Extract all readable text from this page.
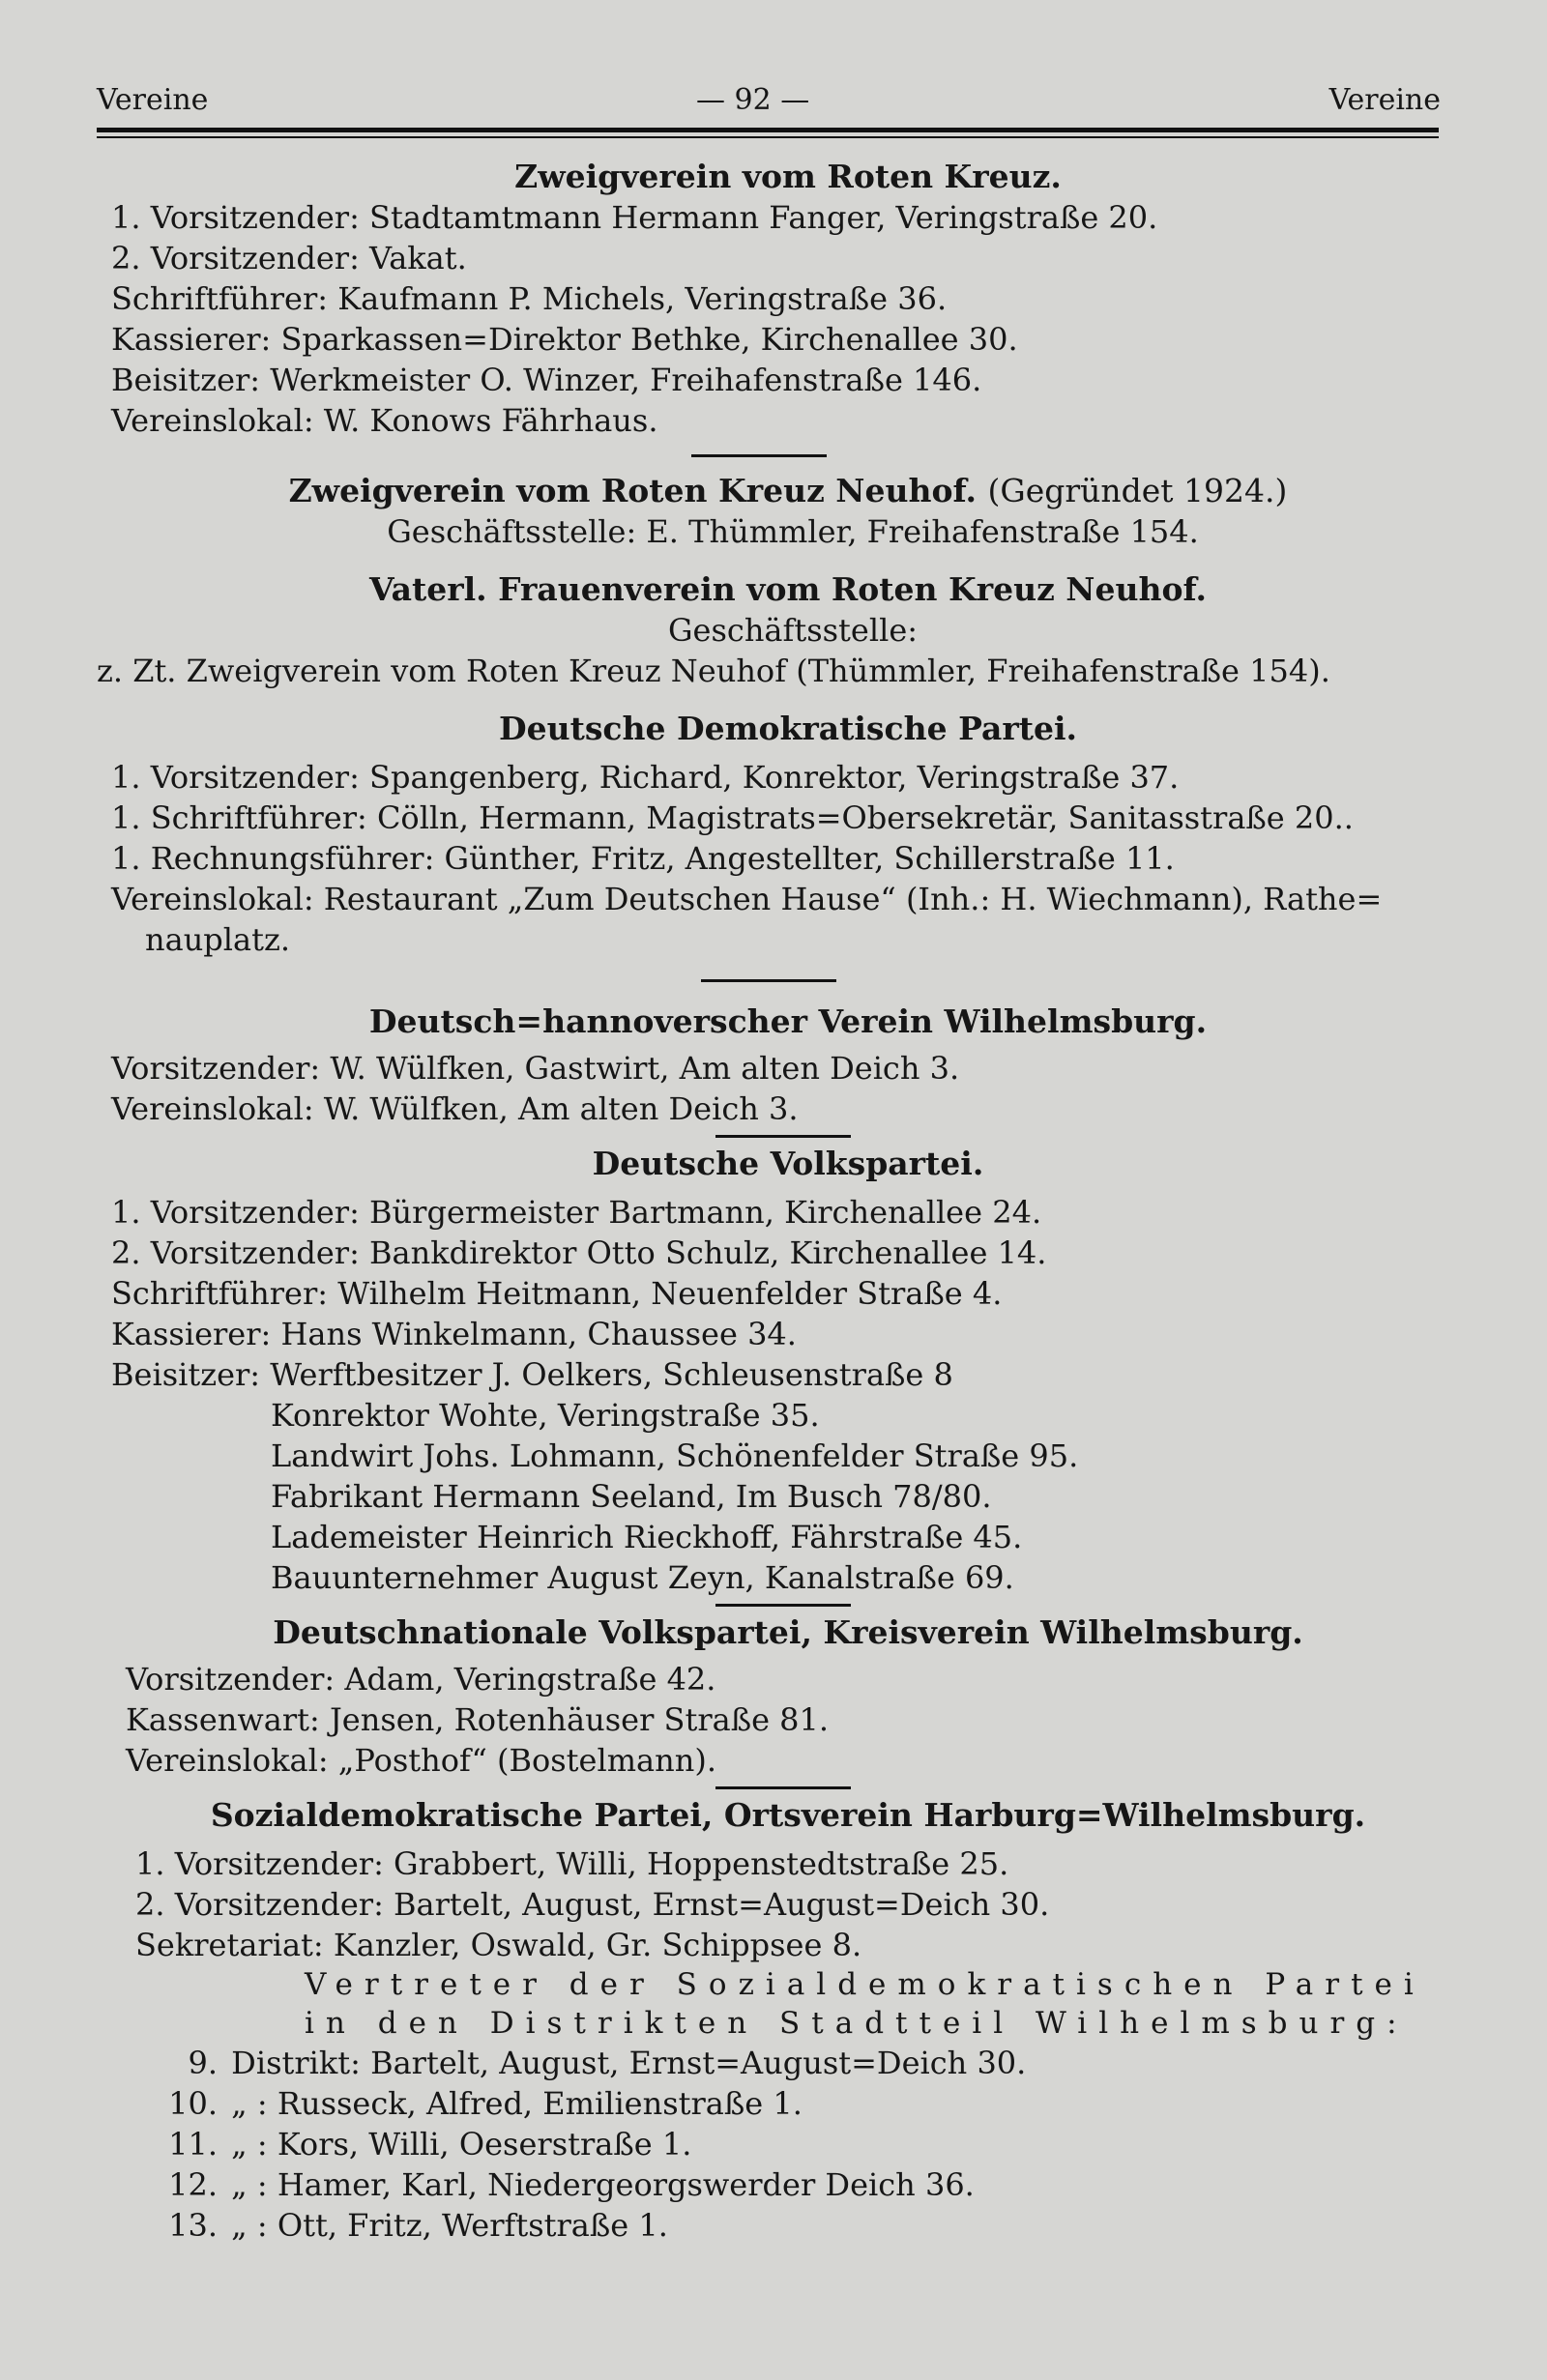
Vereine	— 92 —	Vereine
Zweigverein vom Roten Kreuz.
1. Vorsitzender: Stadtamtmann Hermann Fanger, Veringstraße 20.
2. Vorsitzender: Vakat.
Schriftführer: Kaufmann P. Michels, Veringstraße 36.
Kassierer: Sparkassen=Direktor Bethke, Kirchenallee 30.
Beisitzer: Werkmeister O. Winzer, Freihafenstraße 146.
Vereinslokal: W. Konows Fährhaus.
Zweigverein vom Roten Kreuz Neuhof. (Gegründet 1924.)
Geschäftsstelle: E. Thümmler, Freihafenstraße 154.
Vaterl. Frauenverein vom Roten Kreuz Neuhof.
Geschäftsstelle:
z. Zt. Zweigverein vom Roten Kreuz Neuhof (Thümmler, Freihafenstraße 154).
Deutsche Demokratische Partei.
1. Vorsitzender: Spangenberg, Richard, Konrektor, Veringstraße 37.
1. Schriftführer: Cölln, Hermann, Magistrats=Obersekretär, Sanitasstraße 20..
1. Rechnungsführer: Günther, Fritz, Angestellter, Schillerstraße 11.
Vereinslokal: Restaurant „Zum Deutschen Hause“ (Inh.: H. Wiechmann), Rathe=
nauplatz.
Deutsch=hannoverscher Verein Wilhelmsburg.
Vorsitzender: W. Wülfken, Gastwirt, Am alten Deich 3.
Vereinslokal: W. Wülfken, Am alten Deich 3.
Deutsche Volkspartei.
1. Vorsitzender: Bürgermeister Bartmann, Kirchenallee 24.
2. Vorsitzender: Bankdirektor Otto Schulz, Kirchenallee 14.
Schriftführer: Wilhelm Heitmann, Neuenfelder Straße 4.
Kassierer: Hans Winkelmann, Chaussee 34.
Beisitzer: Werftbesitzer J. Oelkers, Schleusenstraße 8
Konrektor Wohte, Veringstraße 35.
Landwirt Johs. Lohmann, Schönenfelder Straße 95.
Fabrikant Hermann Seeland, Im Busch 78/80.
Lademeister Heinrich Rieckhoff, Fährstraße 45.
Bauunternehmer August Zeyn, Kanalstraße 69.
Deutschnationale Volkspartei, Kreisverein Wilhelmsburg.
Vorsitzender: Adam, Veringstraße 42.
Kassenwart: Jensen, Rotenhäuser Straße 81.
Vereinslokal: „Posthof“ (Bostelmann).
Sozialdemokratische Partei, Ortsverein Harburg=Wilhelmsburg.
1. Vorsitzender: Grabbert, Willi, Hoppenstedtstraße 25.
2. Vorsitzender: Bartelt, August, Ernst=August=Deich 30.
Sekretariat: Kanzler, Oswald, Gr. Schippsee 8.
Vertreter der Sozialdemokratischen Partei
in den Distrikten Stadtteil Wilhelmsburg:
9. Distrikt: Bartelt, August, Ernst=August=Deich 30.
10. „ : Russeck, Alfred, Emilienstraße 1.
11. „ : Kors, Willi, Oeserstraße 1.
12. „ : Hamer, Karl, Niedergeorgswerder Deich 36.
13. „ : Ott, Fritz, Werftstraße 1.
